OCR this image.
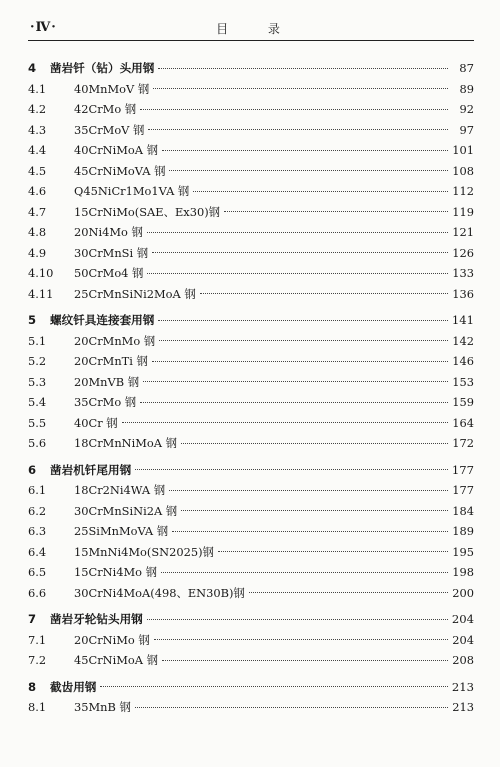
·Ⅳ·	目 录
4	凿岩钎（钻）头用钢	87
4.1	40MnMoV 钢	89
4.2	42CrMo 钢	92
4.3	35CrMoV 钢	97
4.4	40CrNiMoA 钢	101
4.5	45CrNiMoVA 钢	108
4.6	Q45NiCr1Mo1VA 钢	112
4.7	15CrNiMo(SAE、Ex30)钢	119
4.8	20Ni4Mo 钢	121
4.9	30CrMnSi 钢	126
4.10	50CrMo4 钢	133
4.11	25CrMnSiNi2MoA 钢	136
5	螺纹钎具连接套用钢	141
5.1	20CrMnMo 钢	142
5.2	20CrMnTi 钢	146
5.3	20MnVB 钢	153
5.4	35CrMo 钢	159
5.5	40Cr 钢	164
5.6	18CrMnNiMoA 钢	172
6	凿岩机钎尾用钢	177
6.1	18Cr2Ni4WA 钢	177
6.2	30CrMnSiNi2A 钢	184
6.3	25SiMnMoVA 钢	189
6.4	15MnNi4Mo(SN2025)钢	195
6.5	15CrNi4Mo 钢	198
6.6	30CrNi4MoA(498、EN30B)钢	200
7	凿岩牙轮钻头用钢	204
7.1	20CrNiMo 钢	204
7.2	45CrNiMoA 钢	208
8	截齿用钢	213
8.1	35MnB 钢	213
